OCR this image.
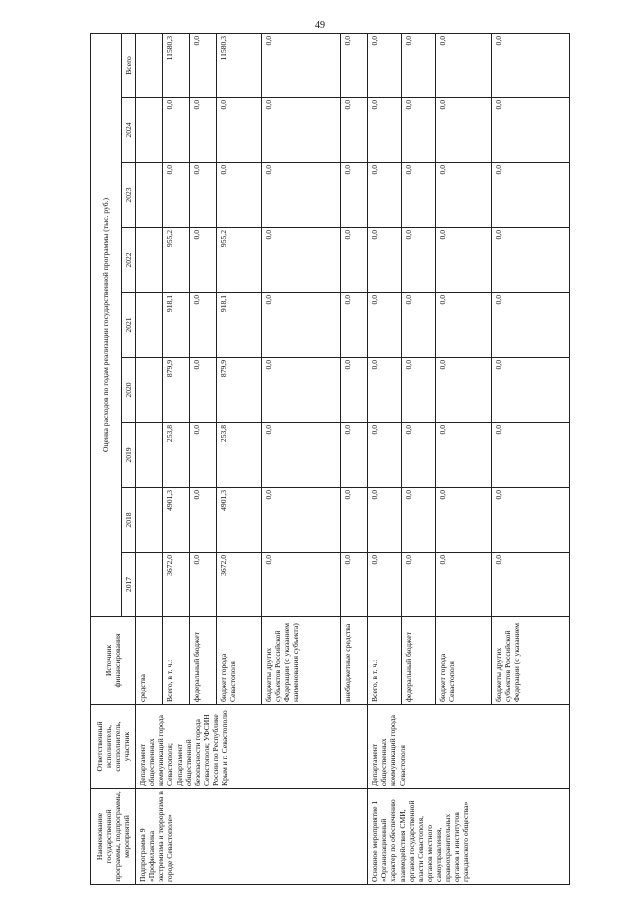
49
Наименование государственной программы, подпрограммы, мероприятий	Ответственный исполнитель, соисполнитель, участник	Источник финансирования	Оценка расходов по годам реализации государственной программы (тыс. руб.)								
			2017	2018	2019	2020	2021	2022	2023	2024	Всего
Подпрограмма 9 «Профилактика экстремизма и терроризма в городе Севастополе»	Департамент общественных коммуникаций города Севастополя; Департамент общественной безопасности города Севастополя; УФСИН России по Республике Крым и г. Севастополю	средства									
		Всего, в т. ч.:	3672,0	4901,3	253,8	879,9	918,1	955,2	0,0	0,0	11580,3
		федеральный бюджет	0,0	0,0	0,0	0,0	0,0	0,0	0,0	0,0	0,0
		бюджет города Севастополя	3672,0	4901,3	253,8	879,9	918,1	955,2	0,0	0,0	11580,3
		бюджеты других субъектов Российской Федерации (с указанием наименования субъекта)	0,0	0,0	0,0	0,0	0,0	0,0	0,0	0,0	0,0
		внебюджетные средства	0,0	0,0	0,0	0,0	0,0	0,0	0,0	0,0	0,0
Основное мероприятие 1 «Организационный характер по обеспечению взаимодействия СМИ, органов государственной власти Севастополя, органов местного самоуправления, правоохранительных органов и институтов гражданского общества»	Департамент общественных коммуникаций города Севастополя	Всего, в т. ч.:	0,0	0,0	0,0	0,0	0,0	0,0	0,0	0,0	0,0
		федеральный бюджет	0,0	0,0	0,0	0,0	0,0	0,0	0,0	0,0	0,0
		бюджет города Севастополя	0,0	0,0	0,0	0,0	0,0	0,0	0,0	0,0	0,0
		бюджеты других субъектов Российской Федерации (с указанием	0,0	0,0	0,0	0,0	0,0	0,0	0,0	0,0	0,0
